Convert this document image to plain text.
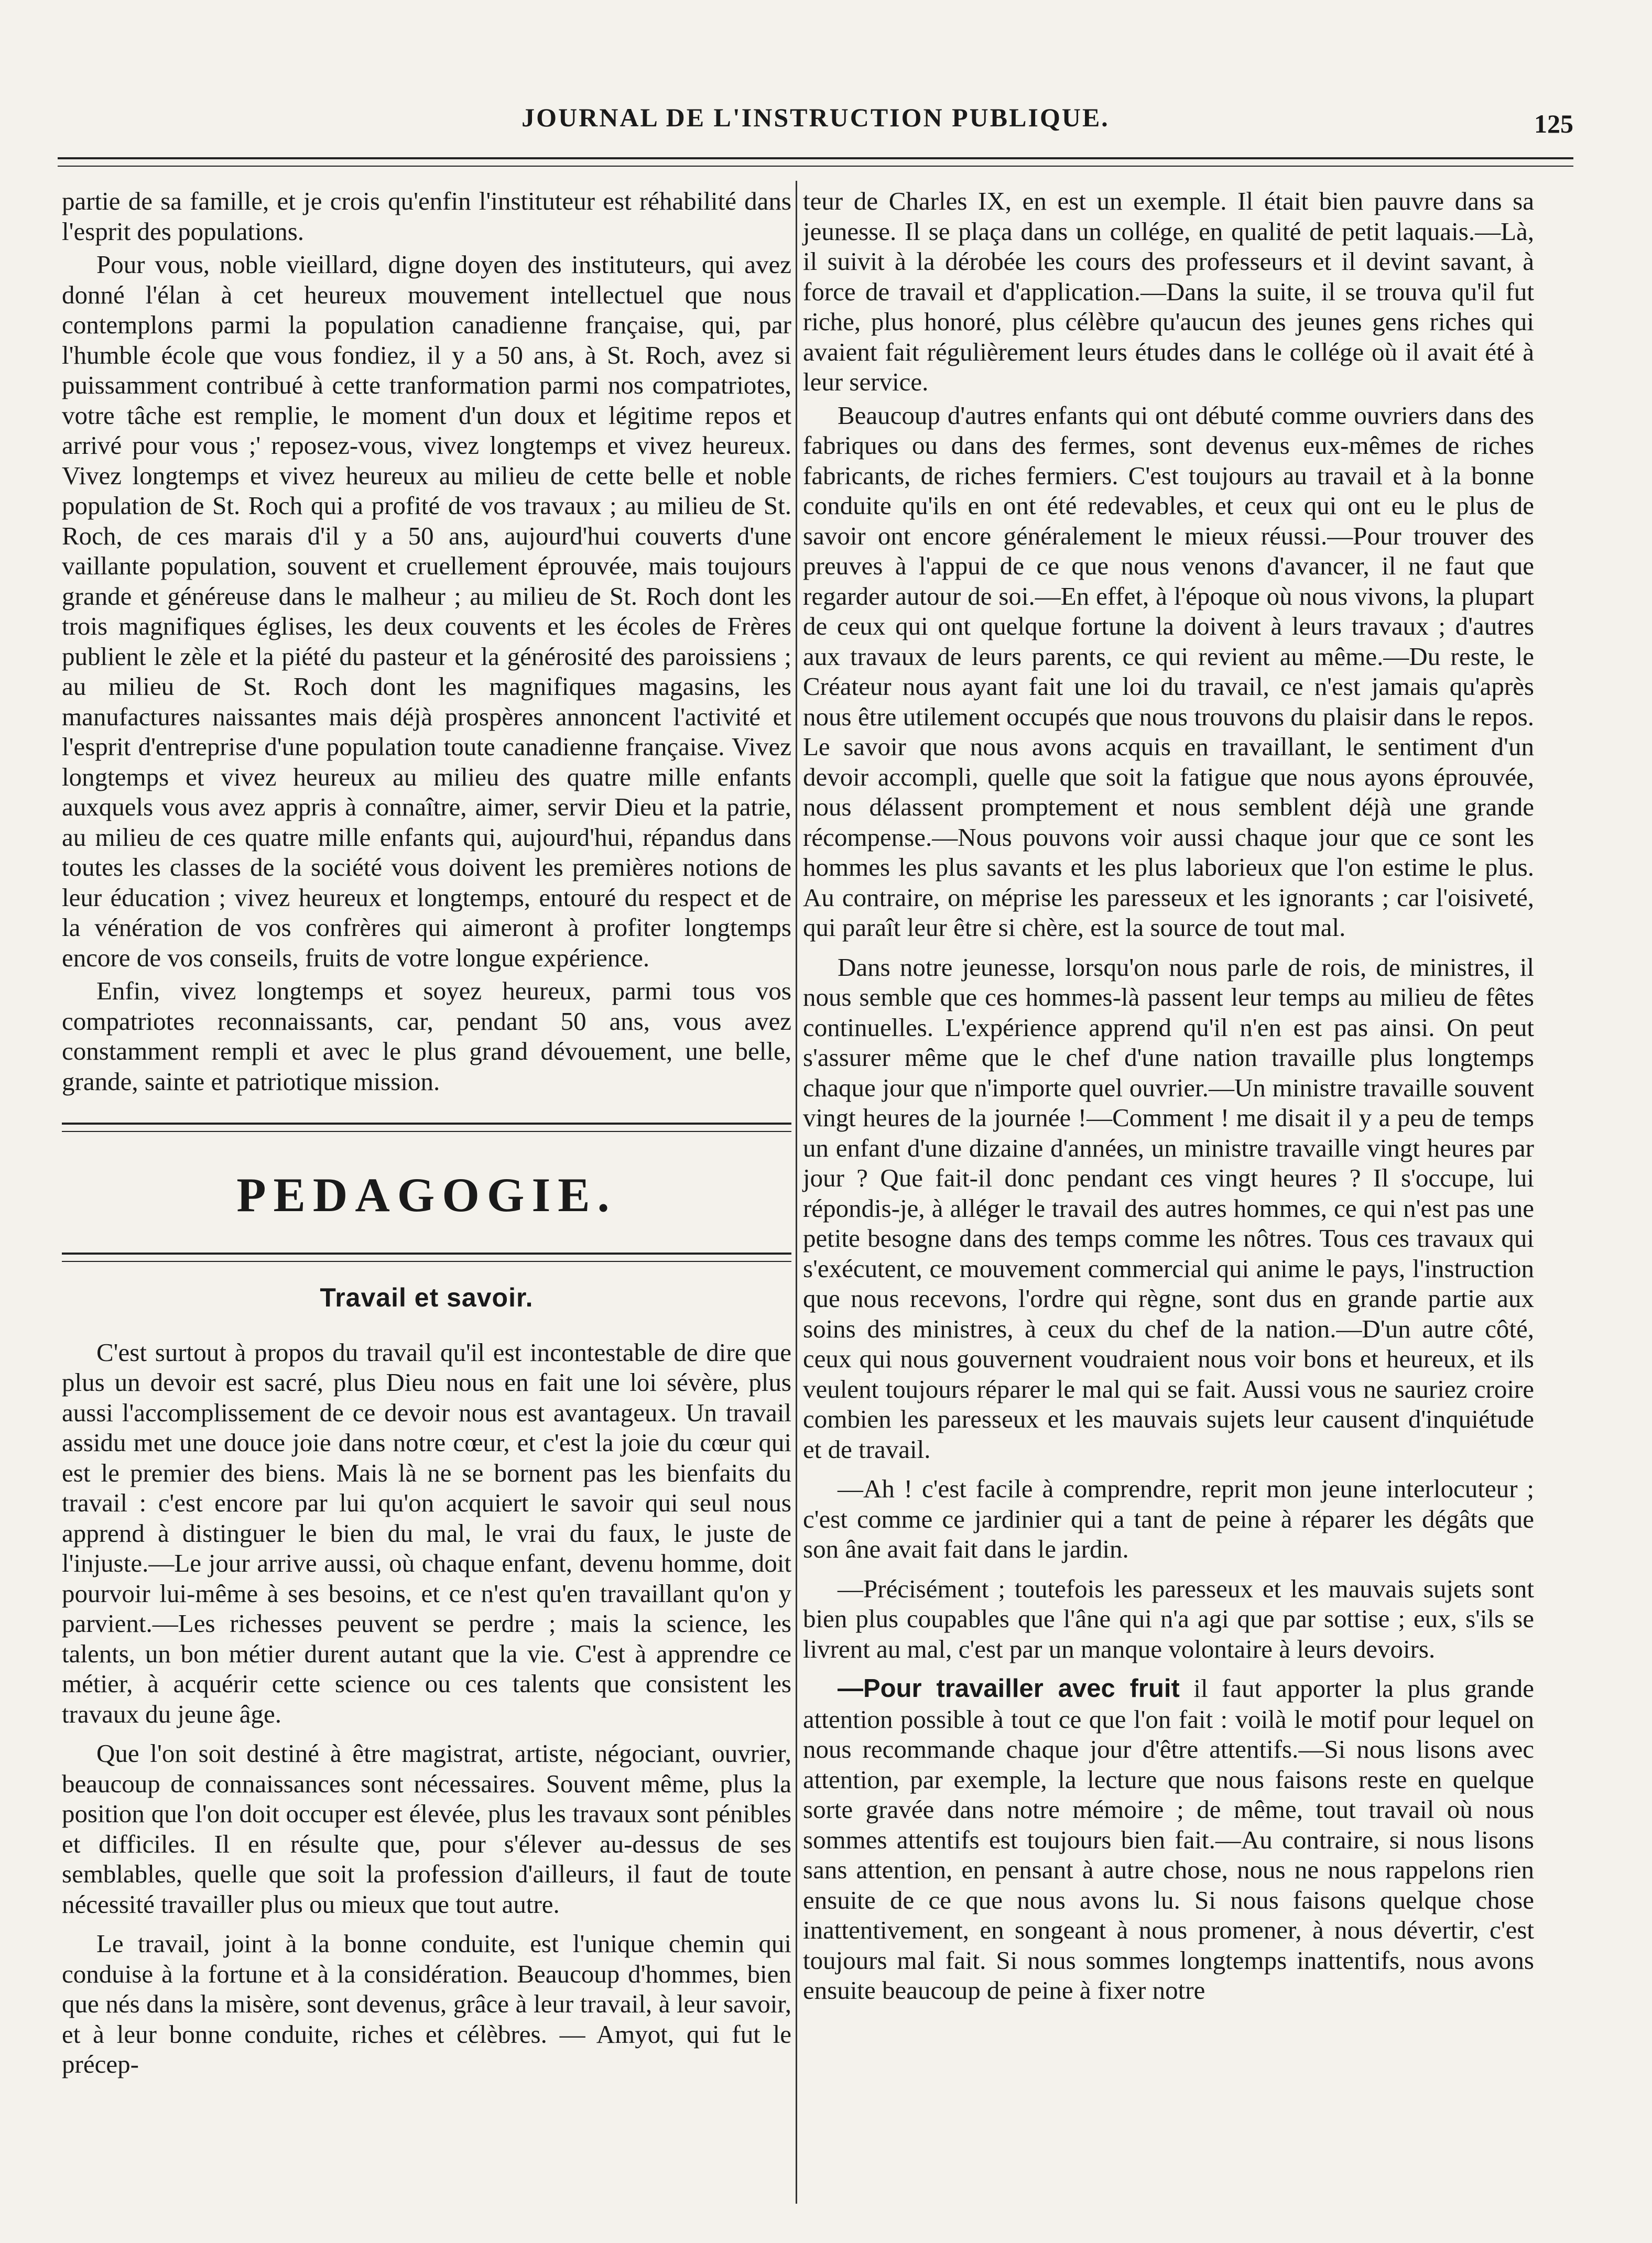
JOURNAL DE L'INSTRUCTION PUBLIQUE.	125

partie de sa famille, et je crois qu'enfin l'instituteur est réhabilité dans l'esprit des populations.

Pour vous, noble vieillard, digne doyen des instituteurs, qui avez donné l'élan à cet heureux mouvement intellectuel que nous contemplons parmi la population canadienne française, qui, par l'humble école que vous fondiez, il y a 50 ans, à St. Roch, avez si puissamment contribué à cette tranformation parmi nos compatriotes, votre tâche est remplie, le moment d'un doux et légitime repos et arrivé pour vous ;' reposez-vous, vivez longtemps et vivez heureux. Vivez longtemps et vivez heureux au milieu de cette belle et noble population de St. Roch qui a profité de vos travaux ; au milieu de St. Roch, de ces marais d'il y a 50 ans, aujourd'hui couverts d'une vaillante population, souvent et cruellement éprouvée, mais toujours grande et généreuse dans le malheur ; au milieu de St. Roch dont les trois magnifiques églises, les deux couvents et les écoles de Frères publient le zèle et la piété du pasteur et la générosité des paroissiens ; au milieu de St. Roch dont les magnifiques magasins, les manufactures naissantes mais déjà prospères annoncent l'activité et l'esprit d'entreprise d'une population toute canadienne française. Vivez longtemps et vivez heureux au milieu des quatre mille enfants auxquels vous avez appris à connaître, aimer, servir Dieu et la patrie, au milieu de ces quatre mille enfants qui, aujourd'hui, répandus dans toutes les classes de la société vous doivent les premières notions de leur éducation ; vivez heureux et longtemps, entouré du respect et de la vénération de vos confrères qui aimeront à profiter longtemps encore de vos conseils, fruits de votre longue expérience.

Enfin, vivez longtemps et soyez heureux, parmi tous vos compatriotes reconnaissants, car, pendant 50 ans, vous avez constamment rempli et avec le plus grand dévouement, une belle, grande, sainte et patriotique mission.

PEDAGOGIE.
Travail et savoir.

C'est surtout à propos du travail qu'il est incontestable de dire que plus un devoir est sacré, plus Dieu nous en fait une loi sévère, plus aussi l'accomplissement de ce devoir nous est avantageux. Un travail assidu met une douce joie dans notre cœur, et c'est la joie du cœur qui est le premier des biens. Mais là ne se bornent pas les bienfaits du travail : c'est encore par lui qu'on acquiert le savoir qui seul nous apprend à distinguer le bien du mal, le vrai du faux, le juste de l'injuste.—Le jour arrive aussi, où chaque enfant, devenu homme, doit pourvoir lui-même à ses besoins, et ce n'est qu'en travaillant qu'on y parvient.—Les richesses peuvent se perdre ; mais la science, les talents, un bon métier durent autant que la vie. C'est à apprendre ce métier, à acquérir cette science ou ces talents que consistent les travaux du jeune âge.

Que l'on soit destiné à être magistrat, artiste, négociant, ouvrier, beaucoup de connaissances sont nécessaires. Souvent même, plus la position que l'on doit occuper est élevée, plus les travaux sont pénibles et difficiles. Il en résulte que, pour s'élever au-dessus de ses semblables, quelle que soit la profession d'ailleurs, il faut de toute nécessité travailler plus ou mieux que tout autre.

Le travail, joint à la bonne conduite, est l'unique chemin qui conduise à la fortune et à la considération. Beaucoup d'hommes, bien que nés dans la misère, sont devenus, grâce à leur travail, à leur savoir, et à leur bonne conduite, riches et célèbres. — Amyot, qui fut le précep-

teur de Charles IX, en est un exemple. Il était bien pauvre dans sa jeunesse. Il se plaça dans un collége, en qualité de petit laquais.—Là, il suivit à la dérobée les cours des professeurs et il devint savant, à force de travail et d'application.—Dans la suite, il se trouva qu'il fut riche, plus honoré, plus célèbre qu'aucun des jeunes gens riches qui avaient fait régulièrement leurs études dans le collége où il avait été à leur service.

Beaucoup d'autres enfants qui ont débuté comme ouvriers dans des fabriques ou dans des fermes, sont devenus eux-mêmes de riches fabricants, de riches fermiers. C'est toujours au travail et à la bonne conduite qu'ils en ont été redevables, et ceux qui ont eu le plus de savoir ont encore généralement le mieux réussi.—Pour trouver des preuves à l'appui de ce que nous venons d'avancer, il ne faut que regarder autour de soi.—En effet, à l'époque où nous vivons, la plupart de ceux qui ont quelque fortune la doivent à leurs travaux ; d'autres aux travaux de leurs parents, ce qui revient au même.—Du reste, le Créateur nous ayant fait une loi du travail, ce n'est jamais qu'après nous être utilement occupés que nous trouvons du plaisir dans le repos. Le savoir que nous avons acquis en travaillant, le sentiment d'un devoir accompli, quelle que soit la fatigue que nous ayons éprouvée, nous délassent promptement et nous semblent déjà une grande récompense.—Nous pouvons voir aussi chaque jour que ce sont les hommes les plus savants et les plus laborieux que l'on estime le plus. Au contraire, on méprise les paresseux et les ignorants ; car l'oisiveté, qui paraît leur être si chère, est la source de tout mal.

Dans notre jeunesse, lorsqu'on nous parle de rois, de ministres, il nous semble que ces hommes-là passent leur temps au milieu de fêtes continuelles. L'expérience apprend qu'il n'en est pas ainsi. On peut s'assurer même que le chef d'une nation travaille plus longtemps chaque jour que n'importe quel ouvrier.—Un ministre travaille souvent vingt heures de la journée !—Comment ! me disait il y a peu de temps un enfant d'une dizaine d'années, un ministre travaille vingt heures par jour ? Que fait-il donc pendant ces vingt heures ? Il s'occupe, lui répondis-je, à alléger le travail des autres hommes, ce qui n'est pas une petite besogne dans des temps comme les nôtres. Tous ces travaux qui s'exécutent, ce mouvement commercial qui anime le pays, l'instruction que nous recevons, l'ordre qui règne, sont dus en grande partie aux soins des ministres, à ceux du chef de la nation.—D'un autre côté, ceux qui nous gouvernent voudraient nous voir bons et heureux, et ils veulent toujours réparer le mal qui se fait. Aussi vous ne sauriez croire combien les paresseux et les mauvais sujets leur causent d'inquiétude et de travail.

—Ah ! c'est facile à comprendre, reprit mon jeune interlocuteur ; c'est comme ce jardinier qui a tant de peine à réparer les dégâts que son âne avait fait dans le jardin.

—Précisément ; toutefois les paresseux et les mauvais sujets sont bien plus coupables que l'âne qui n'a agi que par sottise ; eux, s'ils se livrent au mal, c'est par un manque volontaire à leurs devoirs.

—Pour travailler avec fruit il faut apporter la plus grande attention possible à tout ce que l'on fait : voilà le motif pour lequel on nous recommande chaque jour d'être attentifs.—Si nous lisons avec attention, par exemple, la lecture que nous faisons reste en quelque sorte gravée dans notre mémoire ; de même, tout travail où nous sommes attentifs est toujours bien fait.—Au contraire, si nous lisons sans attention, en pensant à autre chose, nous ne nous rappelons rien ensuite de ce que nous avons lu. Si nous faisons quelque chose inattentivement, en songeant à nous promener, à nous dévertir, c'est toujours mal fait. Si nous sommes longtemps inattentifs, nous avons ensuite beaucoup de peine à fixer notre
